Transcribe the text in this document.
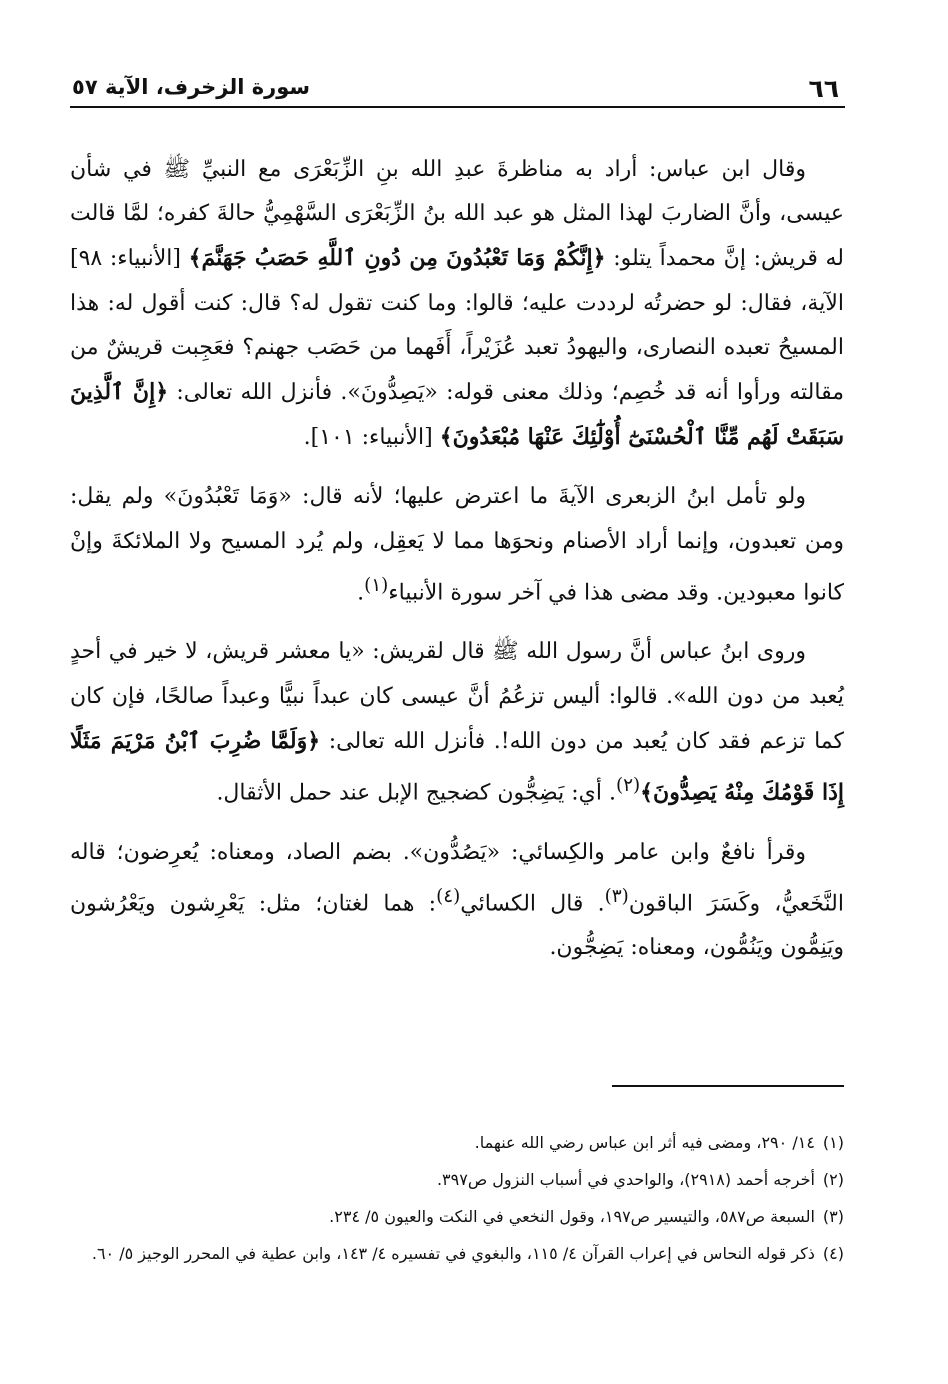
٦٦
سورة الزخرف، الآية ٥٧

وقال ابن عباس: أراد به مناظرةَ عبدِ الله بنِ الزِّبَعْرَى مع النبيِّ ﷺ في شأن عيسى، وأنَّ الضاربَ لهذا المثل هو عبد الله بنُ الزِّبَعْرَى السَّهْمِيُّ حالةَ كفره؛ لمَّا قالت له قريش: إنَّ محمداً يتلو: ﴿إِنَّكُمْ وَمَا تَعْبُدُونَ مِن دُونِ ٱللَّهِ حَصَبُ جَهَنَّمَ﴾ [الأنبياء: ٩٨] الآية، فقال: لو حضرتُه لرددت عليه؛ قالوا: وما كنت تقول له؟ قال: كنت أقول له: هذا المسيحُ تعبده النصارى، واليهودُ تعبد عُزَيْراً، أَفَهما من حَصَب جهنم؟ فعَجِبت قريشٌ من مقالته ورأوا أنه قد خُصِم؛ وذلك معنى قوله: «يَصِدُّونَ». فأنزل الله تعالى: ﴿إِنَّ ٱلَّذِينَ سَبَقَتْ لَهُم مِّنَّا ٱلْحُسْنَىٰٓ أُوْلَٰٓئِكَ عَنْهَا مُبْعَدُونَ﴾ [الأنبياء: ١٠١].

ولو تأمل ابنُ الزبعرى الآيةَ ما اعترض عليها؛ لأنه قال: «وَمَا تَعْبُدُونَ» ولم يقل: ومن تعبدون، وإنما أراد الأصنام ونحوَها مما لا يَعقِل، ولم يُرد المسيح ولا الملائكةَ وإنْ كانوا معبودين. وقد مضى هذا في آخر سورة الأنبياء$^{(١)}$.

وروى ابنُ عباس أنَّ رسول الله ﷺ قال لقريش: «يا معشر قريش، لا خير في أحدٍ يُعبد من دون الله». قالوا: أليس تزعُمُ أنَّ عيسى كان عبداً نبيًّا وعبداً صالحًا، فإن كان كما تزعم فقد كان يُعبد من دون الله!. فأنزل الله تعالى: ﴿وَلَمَّا ضُرِبَ ٱبْنُ مَرْيَمَ مَثَلًا إِذَا قَوْمُكَ مِنْهُ يَصِدُّونَ﴾$^{(٢)}$. أي: يَضِجُّون كضجيج الإبل عند حمل الأثقال.

وقرأ نافعٌ وابن عامر والكِسائي: «يَصُدُّون». بضم الصاد، ومعناه: يُعرِضون؛ قاله النَّخَعيُّ، وكَسَرَ الباقون$^{(٣)}$. قال الكسائي$^{(٤)}$: هما لغتان؛ مثل: يَعْرِشون ويَعْرُشون ويَنِمُّون ويَنُمُّون، ومعناه: يَضِجُّون.

(١)١٤/ ٢٩٠، ومضى فيه أثر ابن عباس رضي الله عنهما.
(٢)أخرجه أحمد (٢٩١٨)، والواحدي في أسباب النزول ص٣٩٧.
(٣)السبعة ص٥٨٧، والتيسير ص١٩٧، وقول النخعي في النكت والعيون ٥/ ٢٣٤.
(٤)ذكر قوله النحاس في إعراب القرآن ٤/ ١١٥، والبغوي في تفسيره ٤/ ١٤٣، وابن عطية في المحرر الوجيز ٥/ ٦٠.
